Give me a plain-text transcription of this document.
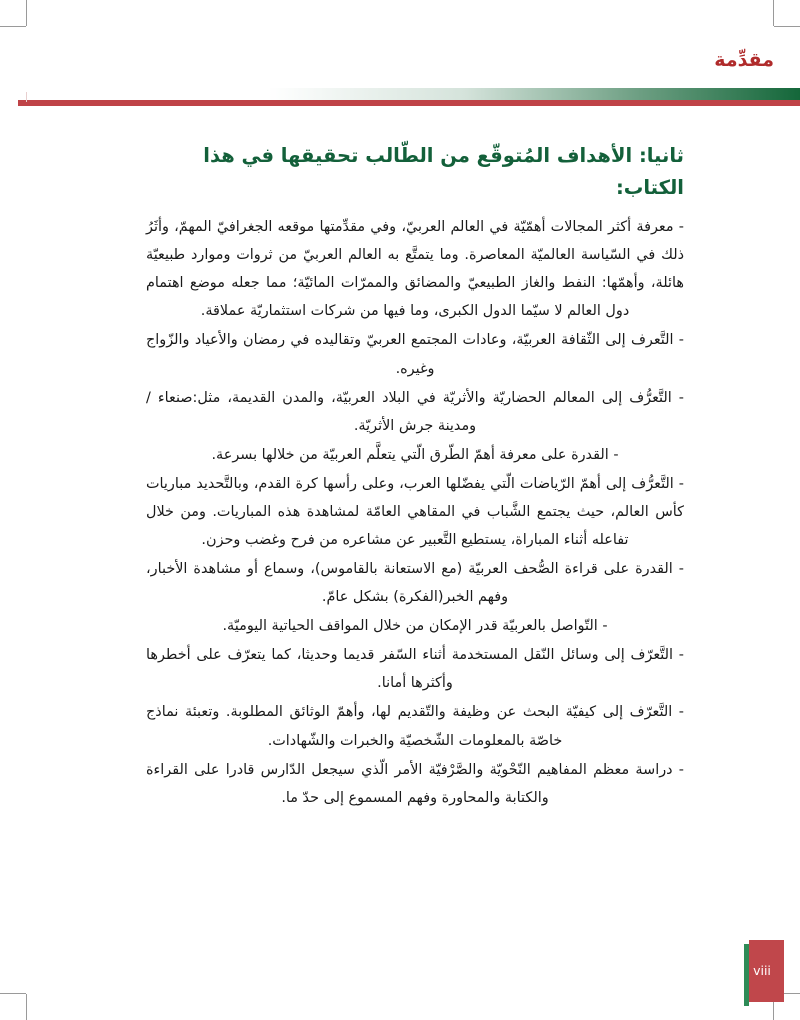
مقدِّمة
ثانيا: الأهداف المُتوقّع من الطّالب تحقيقها في هذا الكتاب:

- معرفة أكثر المجالات أهمّيّة في العالم العربيّ، وفي مقدِّمتها موقعه الجغرافيّ المهمّ، وأثَرُ ذلك في السّياسة العالميّة المعاصرة. وما يتمتَّع به العالم العربيّ من ثروات وموارد طبيعيّة هائلة، وأهمّها: النفط والغاز الطبيعيّ والمضائق والممرّات المائيّة؛ مما جعله موضع اهتمام دول العالم لا سيّما الدول الكبرى، وما فيها من شركات استثماريّة عملاقة.

- التَّعرف إلى الثّقافة العربيّة، وعادات المجتمع العربيّ وتقاليده في رمضان والأعياد والزّواج وغيره.

- التَّعرُّف إلى المعالم الحضاريّة والأثريّة في البلاد العربيّة، والمدن القديمة، مثل:صنعاء / ومدينة جرش الأثريّة.

- القدرة على معرفة أهمّ الطّرق الّتي يتعلَّم العربيّة من خلالها بسرعة.

- التَّعرُّف إلى أهمّ الرّياضات الّتي يفضّلها العرب، وعلى رأسها كرة القدم، وبالتَّحديد مباريات كأس العالم، حيث يجتمع الشَّباب في المقاهي العامّة لمشاهدة هذه المباريات. ومن خلال تفاعله أثناء المباراة، يستطيع التَّعبير عن مشاعره من فرح وغضب وحزن.

- القدرة على قراءة الصُّحف العربيّة (مع الاستعانة بالقاموس)، وسماع أو مشاهدة الأخبار، وفهم الخبر(الفكرة) بشكل عامّ.

- التّواصل بالعربيّة قدر الإمكان من خلال المواقف الحياتية اليوميّة.

- التَّعرّف إلى وسائل النّقل المستخدمة أثناء السّفر قديما وحديثا، كما يتعرّف على أخطرها وأكثرها أمانا.

- التَّعرّف إلى كيفيّة البحث عن وظيفة والتّقديم لها، وأهمّ الوثائق المطلوبة. وتعبئة نماذج خاصّة بالمعلومات الشّخصيّة والخبرات والشّهادات.

- دراسة معظم المفاهيم النّحْويّة والصَّرْفيّة الأمر الّذي سيجعل الدّارس قادرا على القراءة والكتابة والمحاورة وفهم المسموع إلى حدّ ما.

viii
